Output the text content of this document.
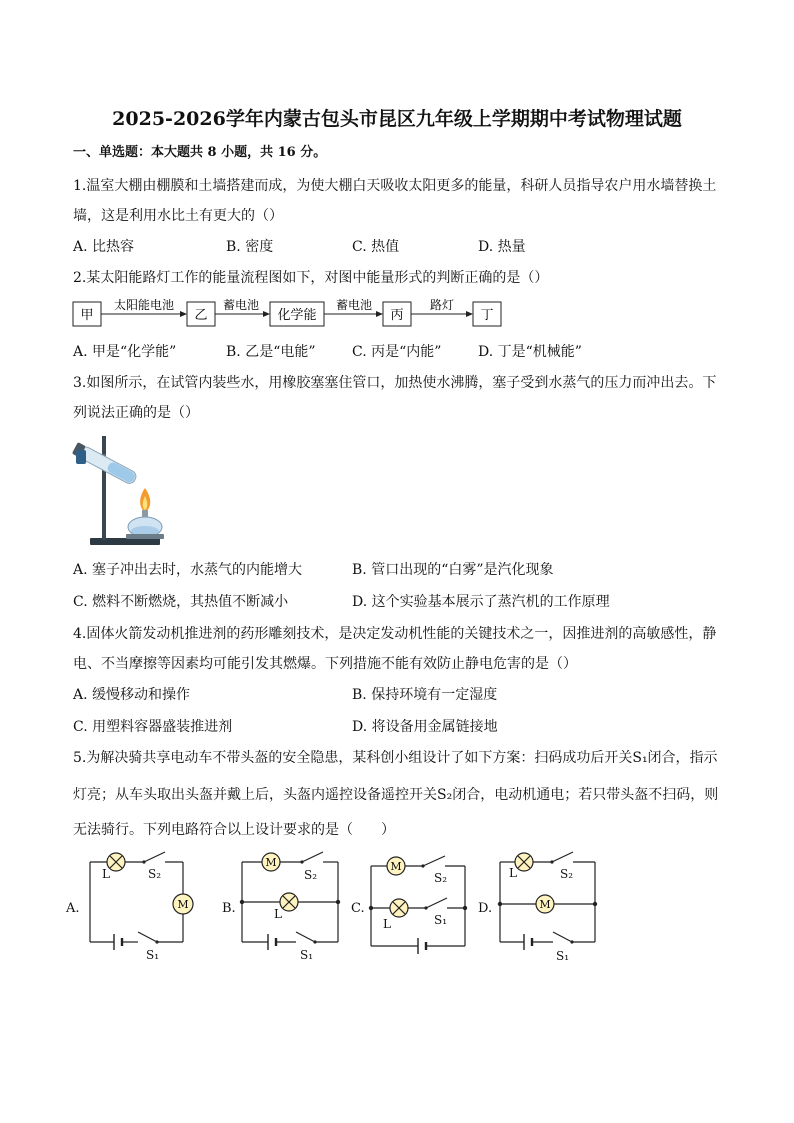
2025-2026学年内蒙古包头市昆区九年级上学期期中考试物理试题
一、单选题：本大题共 8 小题，共 16 分。
1.温室大棚由棚膜和土墙搭建而成，为使大棚白天吸收太阳更多的能量，科研人员指导农户用水墙替换土
墙，这是利用水比土有更大的（）
A. 比热容	B. 密度	C. 热值	D. 热量
2.某太阳能路灯工作的能量流程图如下，对图中能量形式的判断正确的是（）
甲
太阳能电池
乙
蓄电池
化学能
蓄电池
丙
路灯
丁
A. 甲是“化学能”	B. 乙是“电能”	C. 丙是“内能”	D. 丁是“机械能”
3.如图所示，在试管内装些水，用橡胶塞塞住管口，加热使水沸腾，塞子受到水蒸气的压力而冲出去。下
列说法正确的是（）
A. 塞子冲出去时，水蒸气的内能增大	B. 管口出现的“白雾”是汽化现象
C. 燃料不断燃烧，其热值不断减小	D. 这个实验基本展示了蒸汽机的工作原理
4.固体火箭发动机推进剂的药形雕刻技术，是决定发动机性能的关键技术之一，因推进剂的高敏感性，静
电、不当摩擦等因素均可能引发其燃爆。下列措施不能有效防止静电危害的是（）
A. 缓慢移动和操作	B. 保持环境有一定湿度
C. 用塑料容器盛装推进剂	D. 将设备用金属链接地
5.为解决骑共享电动车不带头盔的安全隐患，某科创小组设计了如下方案：扫码成功后开关S₁闭合，指示
灯亮；从车头取出头盔并戴上后，头盔内遥控设备遥控开关S₂闭合，电动机通电；若只带头盔不扫码，则
无法骑行。下列电路符合以上设计要求的是（　　）
M
M	M
M
A.
L	S₂
S₁
B.
S₂
L
S₁
C.
S₂
L	S₁
D.
L	S₂
S₁
